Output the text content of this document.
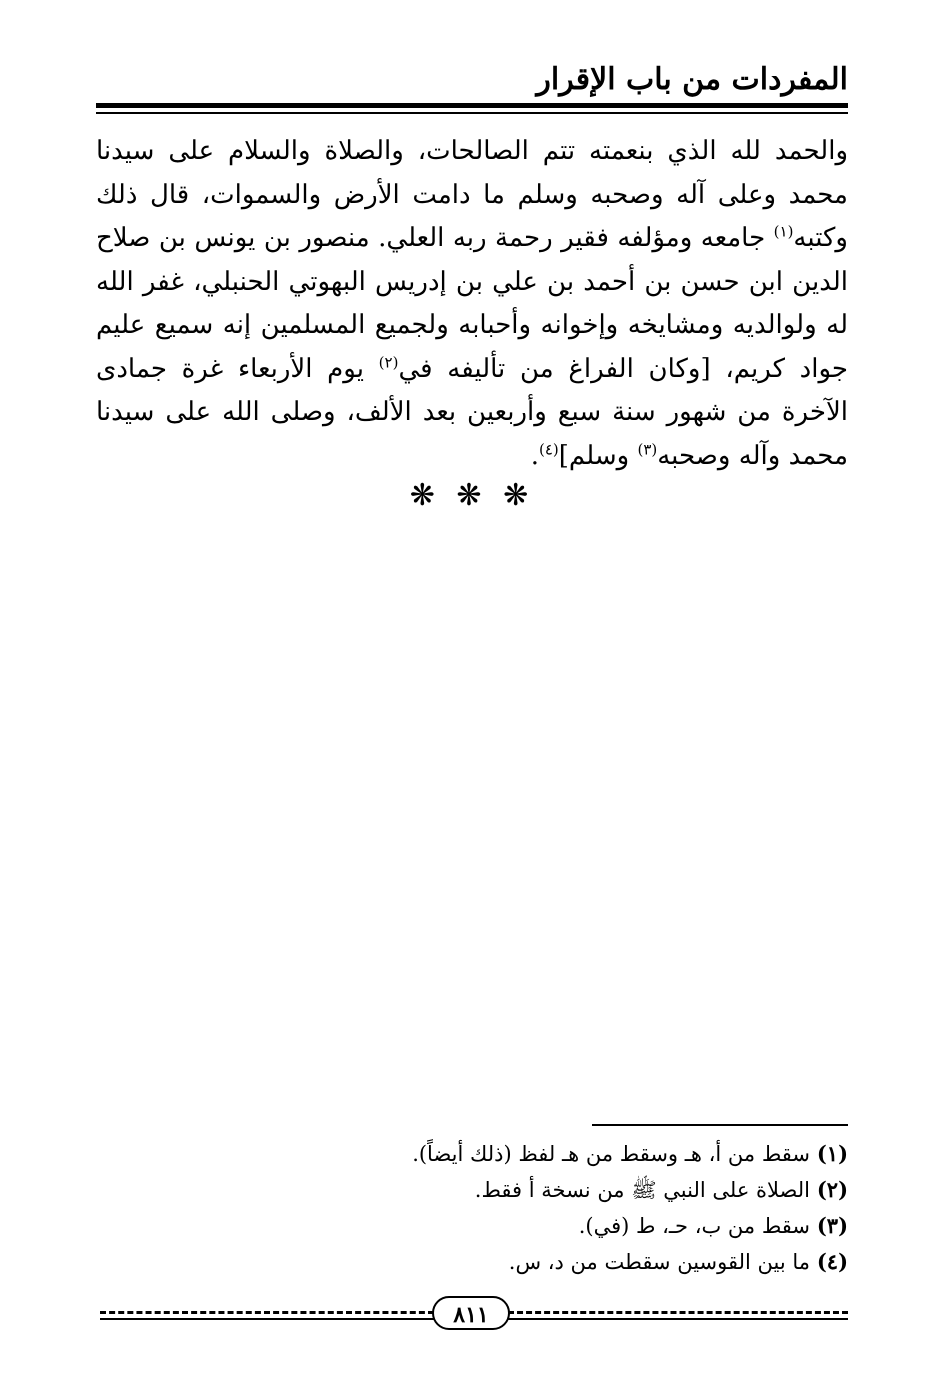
المفردات من باب الإقرار

والحمد لله الذي بنعمته تتم الصالحات، والصلاة والسلام على سيدنا محمد وعلى آله وصحبه وسلم ما دامت الأرض والسموات، قال ذلك وكتبه$^{(١)}$ جامعه ومؤلفه فقير رحمة ربه العلي. منصور بن يونس بن صلاح الدين ابن حسن بن أحمد بن علي بن إدريس البهوتي الحنبلي، غفر الله له ولوالديه ومشايخه وإخوانه وأحبابه ولجميع المسلمين إنه سميع عليم جواد كريم، [وكان الفراغ من تأليفه في$^{(٢)}$ يوم الأربعاء غرة جمادى الآخرة من شهور سنة سبع وأربعين بعد الألف، وصلى الله على سيدنا محمد وآله وصحبه$^{(٣)}$ وسلم]$^{(٤)}$.

❋ ❋ ❋
(١)سقط من أ، هـ وسقط من هـ لفظ (ذلك أيضاً).
(٢)الصلاة على النبي ﷺ من نسخة أ فقط.
(٣)سقط من ب، حـ، ط (في).
(٤)ما بين القوسين سقطت من د، س.
٨١١
